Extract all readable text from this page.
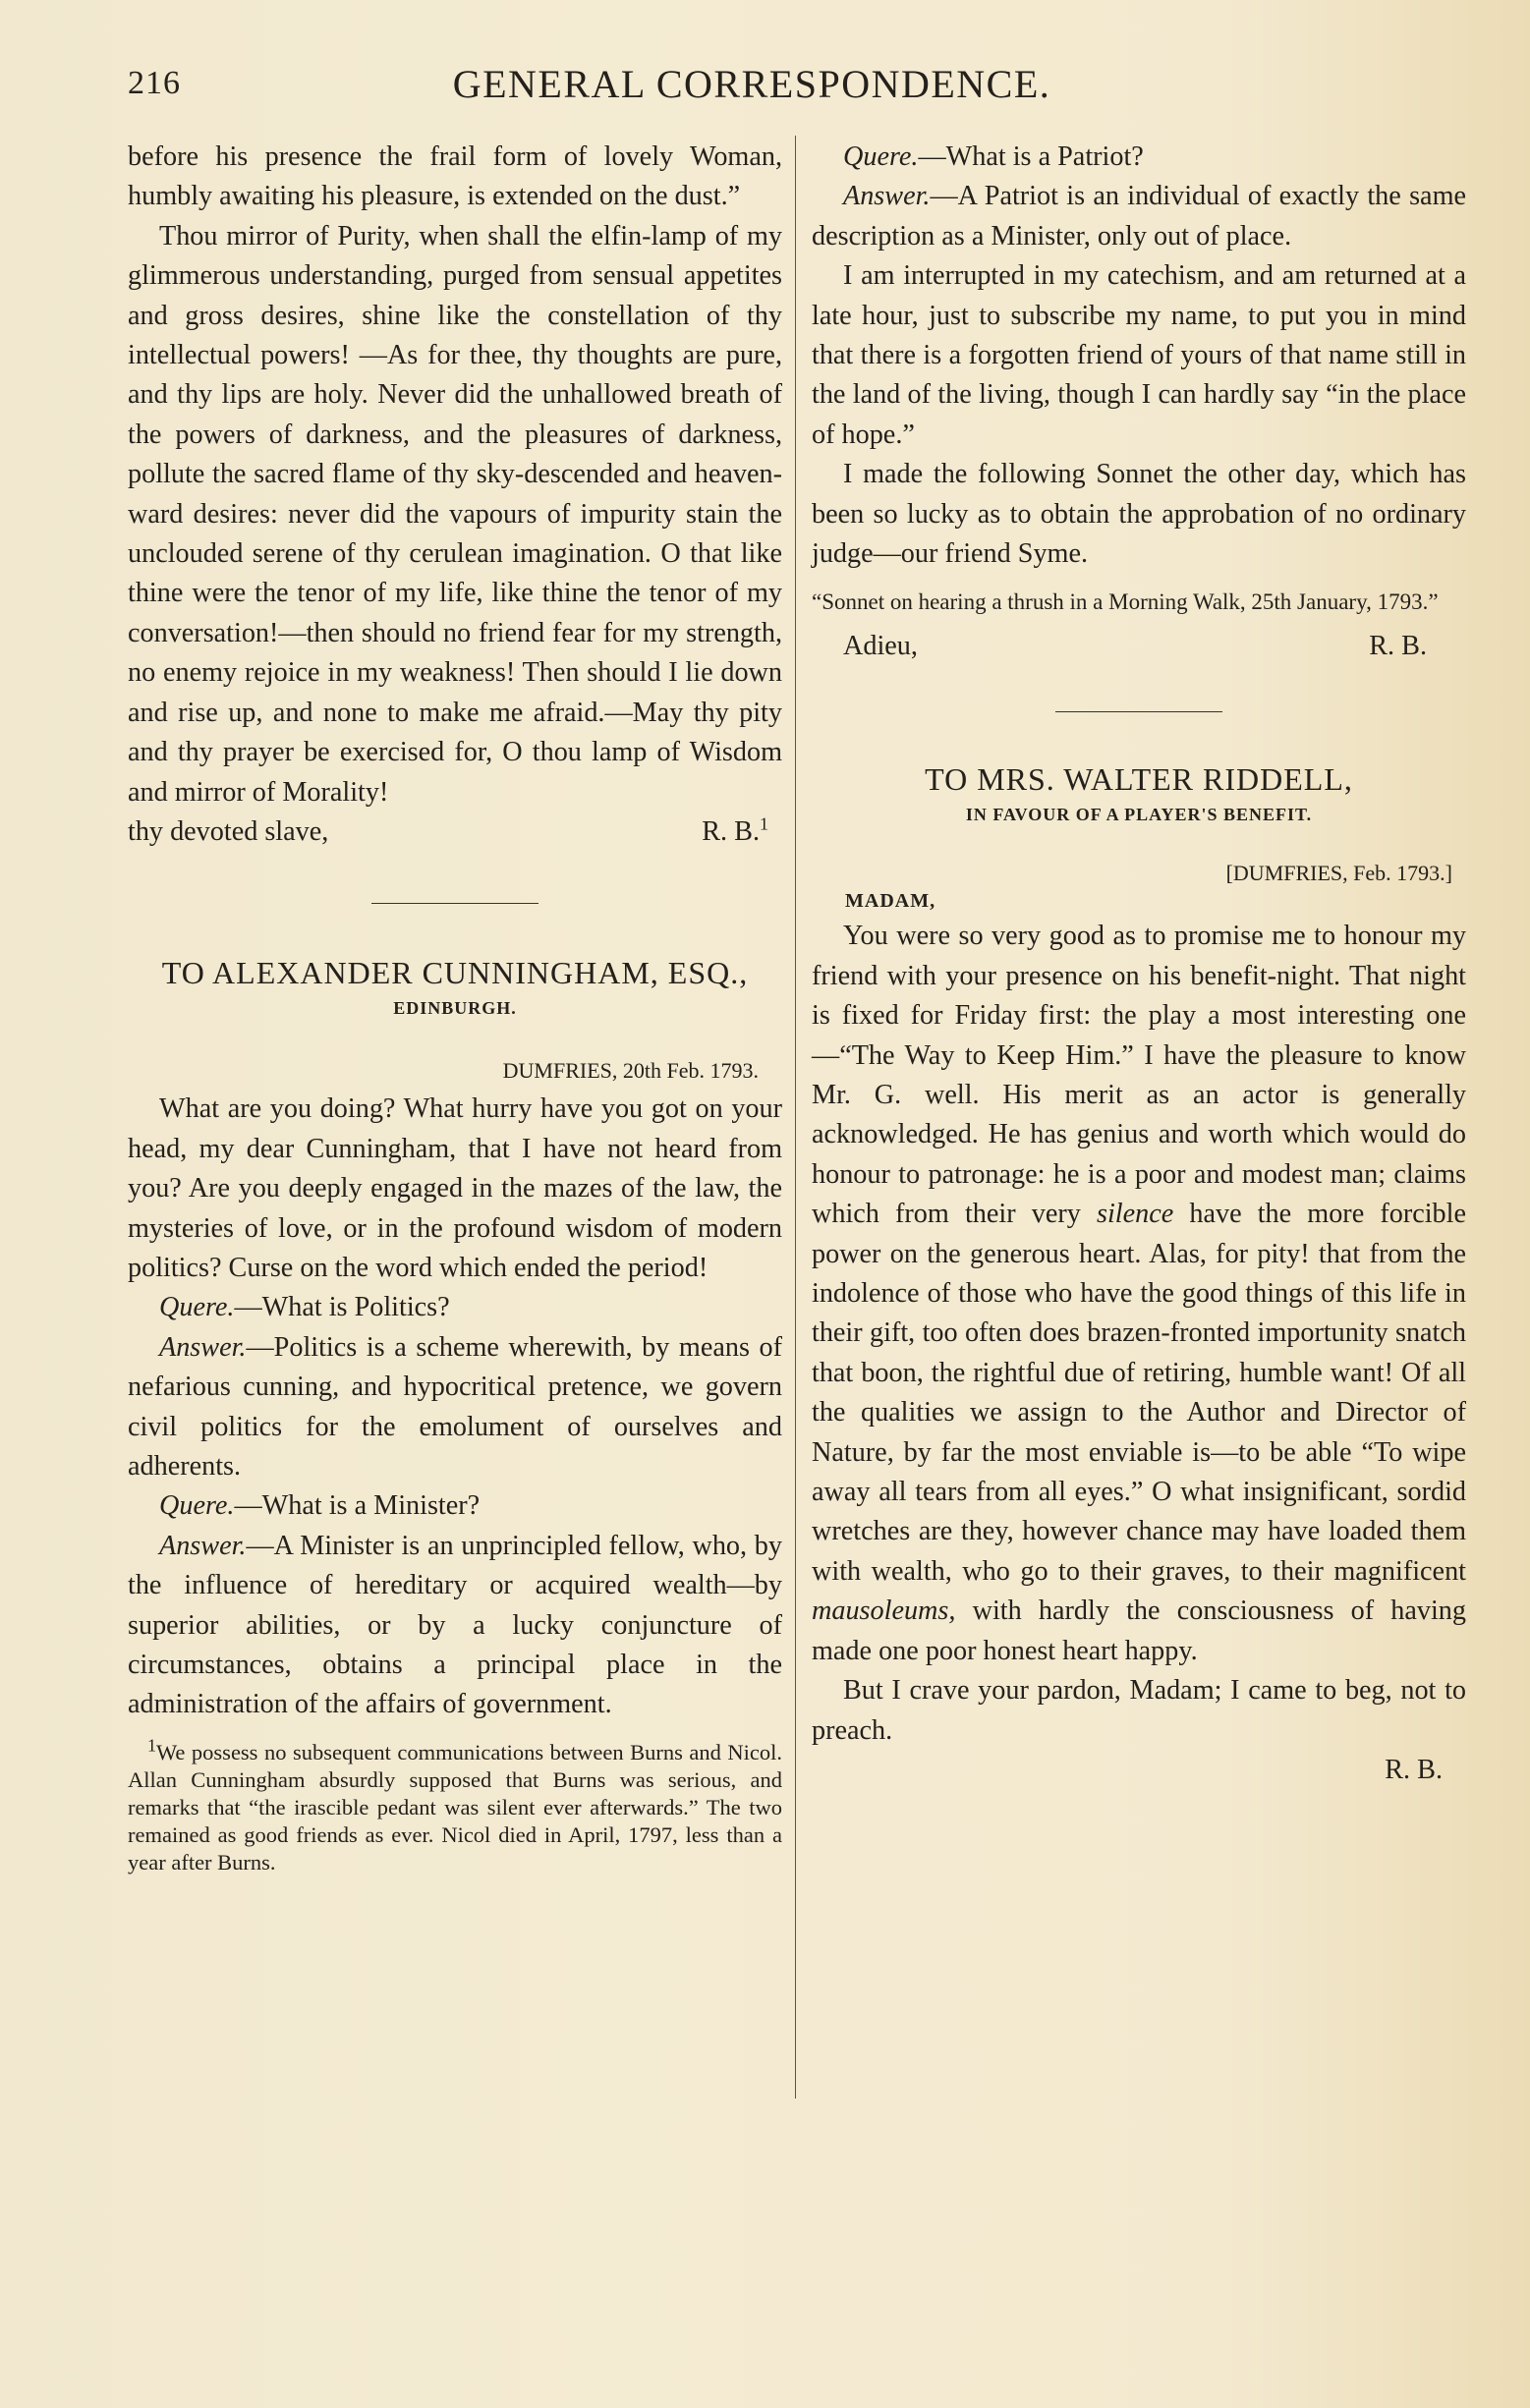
216	GENERAL CORRESPONDENCE.

before his presence the frail form of lovely Woman, humbly awaiting his pleasure, is extended on the dust.”

Thou mirror of Purity, when shall the elfin-lamp of my glimmerous understanding, purged from sensual appetites and gross desires, shine like the constellation of thy intellectual powers! —As for thee, thy thoughts are pure, and thy lips are holy. Never did the unhallowed breath of the powers of darkness, and the pleasures of darkness, pollute the sacred flame of thy sky-descended and heaven-ward desires: never did the vapours of impurity stain the unclouded serene of thy cerulean imagination. O that like thine were the tenor of my life, like thine the tenor of my conversation!—then should no friend fear for my strength, no enemy rejoice in my weakness! Then should I lie down and rise up, and none to make me afraid.—May thy pity and thy prayer be exercised for, O thou lamp of Wisdom and mirror of Morality!

thy devoted slave,	R. B.$^1$
TO ALEXANDER CUNNINGHAM, ESQ.,
EDINBURGH.
DUMFRIES, 20th Feb. 1793.

What are you doing? What hurry have you got on your head, my dear Cunningham, that I have not heard from you? Are you deeply engaged in the mazes of the law, the mysteries of love, or in the profound wisdom of modern politics? Curse on the word which ended the period!

Quere.—What is Politics?

Answer.—Politics is a scheme wherewith, by means of nefarious cunning, and hypocritical pretence, we govern civil politics for the emolument of ourselves and adherents.

Quere.—What is a Minister?

Answer.—A Minister is an unprincipled fellow, who, by the influence of hereditary or acquired wealth—by superior abilities, or by a lucky conjuncture of circumstances, obtains a principal place in the administration of the affairs of government.

$^1$We possess no subsequent communications between Burns and Nicol. Allan Cunningham absurdly supposed that Burns was serious, and remarks that “the irascible pedant was silent ever afterwards.” The two remained as good friends as ever. Nicol died in April, 1797, less than a year after Burns.

Quere.—What is a Patriot?

Answer.—A Patriot is an individual of exactly the same description as a Minister, only out of place.

I am interrupted in my catechism, and am returned at a late hour, just to subscribe my name, to put you in mind that there is a forgotten friend of yours of that name still in the land of the living, though I can hardly say “in the place of hope.”

I made the following Sonnet the other day, which has been so lucky as to obtain the approbation of no ordinary judge—our friend Syme.

“Sonnet on hearing a thrush in a Morning Walk, 25th January, 1793.”

Adieu,	R. B.
TO MRS. WALTER RIDDELL,
IN FAVOUR OF A PLAYER'S BENEFIT.
[DUMFRIES, Feb. 1793.]
MADAM,

You were so very good as to promise me to honour my friend with your presence on his benefit-night. That night is fixed for Friday first: the play a most interesting one—“The Way to Keep Him.” I have the pleasure to know Mr. G. well. His merit as an actor is generally acknowledged. He has genius and worth which would do honour to patronage: he is a poor and modest man; claims which from their very silence have the more forcible power on the generous heart. Alas, for pity! that from the indolence of those who have the good things of this life in their gift, too often does brazen-fronted importunity snatch that boon, the rightful due of retiring, humble want! Of all the qualities we assign to the Author and Director of Nature, by far the most enviable is—to be able “To wipe away all tears from all eyes.” O what insignificant, sordid wretches are they, however chance may have loaded them with wealth, who go to their graves, to their magnificent mausoleums, with hardly the consciousness of having made one poor honest heart happy.

But I crave your pardon, Madam; I came to beg, not to preach.

R. B.
